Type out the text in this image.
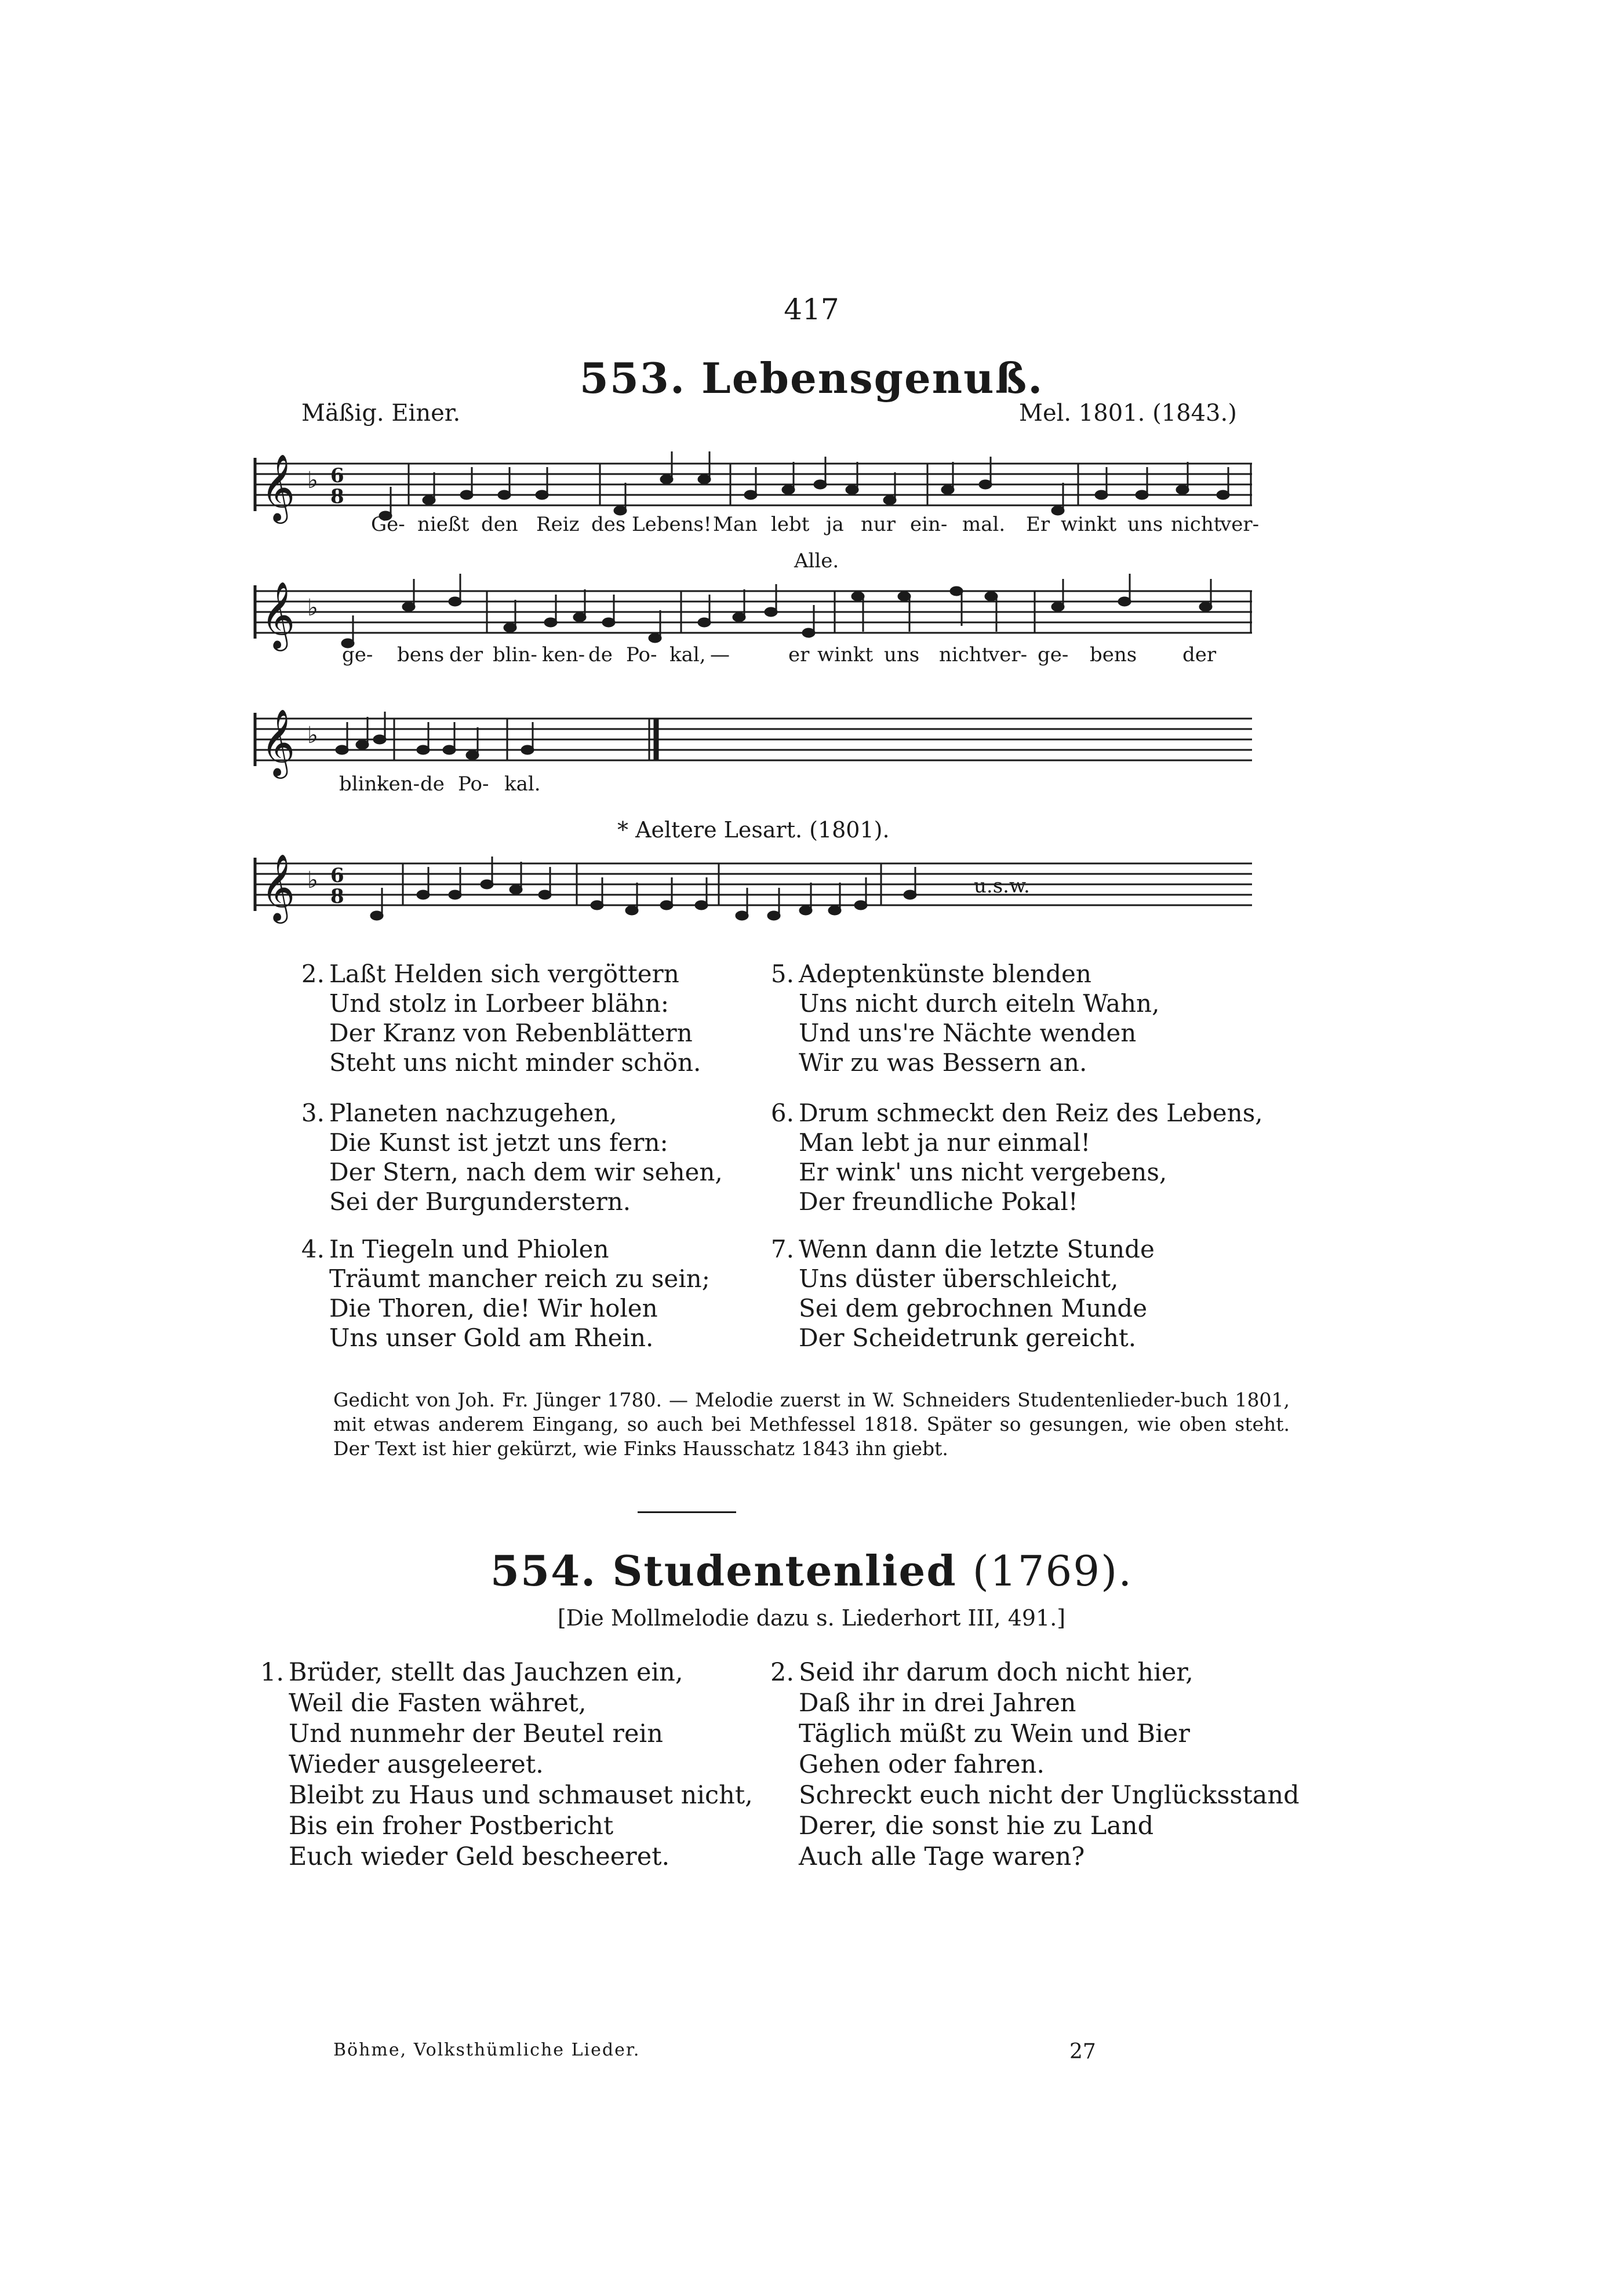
417
553. Lebensgenuß.
Mäßig. Einer.	Mel. 1801. (1843.)
𝄞 ♭ 6
8
Ge- nießt den Reiz des Lebens! Man lebt ja nur ein- mal. Er winkt uns nicht
ver-
Alle.
𝄞 ♭
ge- bens der blin- ken- de Po- kal, —	er winkt uns nicht
ver- ge- bens der
𝄞 ♭
blin-
ken- de Po- kal.
* Aeltere Lesart. (1801).
𝄞 ♭ 6
8	u.s.w.
2. Laßt Helden sich vergöttern
Und stolz in Lorbeer blähn:
Der Kranz von Rebenblättern
Steht uns nicht minder schön.
3. Planeten nachzugehen,
Die Kunst ist jetzt uns fern:
Der Stern, nach dem wir sehen,
Sei der Burgunderstern.
4. In Tiegeln und Phiolen
Träumt mancher reich zu sein;
Die Thoren, die! Wir holen
Uns unser Gold am Rhein.
5. Adeptenkünste blenden
Uns nicht durch eiteln Wahn,
Und uns're Nächte wenden
Wir zu was Bessern an.
6. Drum schmeckt den Reiz des Lebens,
Man lebt ja nur einmal!
Er wink' uns nicht vergebens,
Der freundliche Pokal!
7. Wenn dann die letzte Stunde
Uns düster überschleicht,
Sei dem gebrochnen Munde
Der Scheidetrunk gereicht.
Gedicht von Joh. Fr. Jünger 1780. — Melodie zuerst in W. Schneiders Studentenlieder-buch 1801, mit etwas anderem Eingang, so auch bei Methfessel 1818. Später so gesungen, wie oben steht. Der Text ist hier gekürzt, wie Finks Hausschatz 1843 ihn giebt.
554. Studentenlied (1769).
[Die Mollmelodie dazu s. Liederhort III, 491.]
1. Brüder, stellt das Jauchzen ein,
Weil die Fasten währet,
Und nunmehr der Beutel rein
Wieder ausgeleeret.
Bleibt zu Haus und schmauset nicht,
Bis ein froher Postbericht
Euch wieder Geld bescheeret.
2. Seid ihr darum doch nicht hier,
Daß ihr in drei Jahren
Täglich müßt zu Wein und Bier
Gehen oder fahren.
Schreckt euch nicht der Unglücksstand
Derer, die sonst hie zu Land
Auch alle Tage waren?
Böhme, Volksthümliche Lieder.	27
